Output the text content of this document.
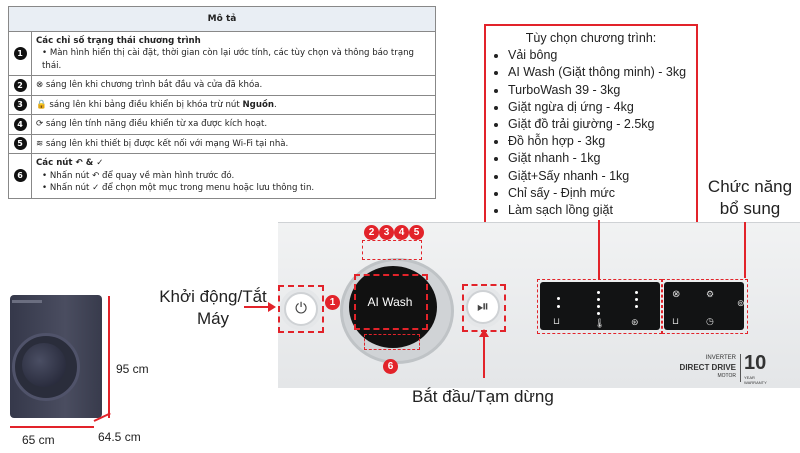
Mô tả	
1	Các chỉ số trạng thái chương trình
• Màn hình hiển thị cài đặt, thời gian còn lại ước tính, các tùy chọn và thông báo trạng thái.

2	⊗ sáng lên khi chương trình bắt đầu và cửa đã khóa.
3	🔒 sáng lên khi bảng điều khiển bị khóa trừ nút Nguồn.
4	⟳ sáng lên tính năng điều khiển từ xa được kích hoạt.
5	≋ sáng lên khi thiết bị được kết nối với mạng Wi-Fi tại nhà.
6	Các nút ↶ & ✓
• Nhấn nút ↶ để quay về màn hình trước đó.
• Nhấn nút ✓ để chọn một mục trong menu hoặc lưu thông tin.
Tùy chọn chương trình:
• Vải bông
• AI Wash (Giặt thông minh) - 3kg
• TurboWash 39 - 3kg
• Giặt ngừa dị ứng - 4kg
• Giặt đồ trải giường - 2.5kg
• Đồ hỗn hợp - 3kg
• Giặt nhanh - 1kg
• Giặt+Sấy nhanh - 1kg
• Chỉ sấy - Định mức
• Làm sạch lồng giặt
Chức năng
bổ sung
⏻
Khởi động/Tắt
Máy
AI Wash
1
2 3 4 5
6
⏯
Bắt đầu/Tạm dừng
⊔	🌡	⊛
⊗	⚙
⊚
⊔	◷
INVERTER
DIRECT DRIVE
MOTOR
10
YEAR WARRANTY
95 cm
65 cm	64.5 cm
